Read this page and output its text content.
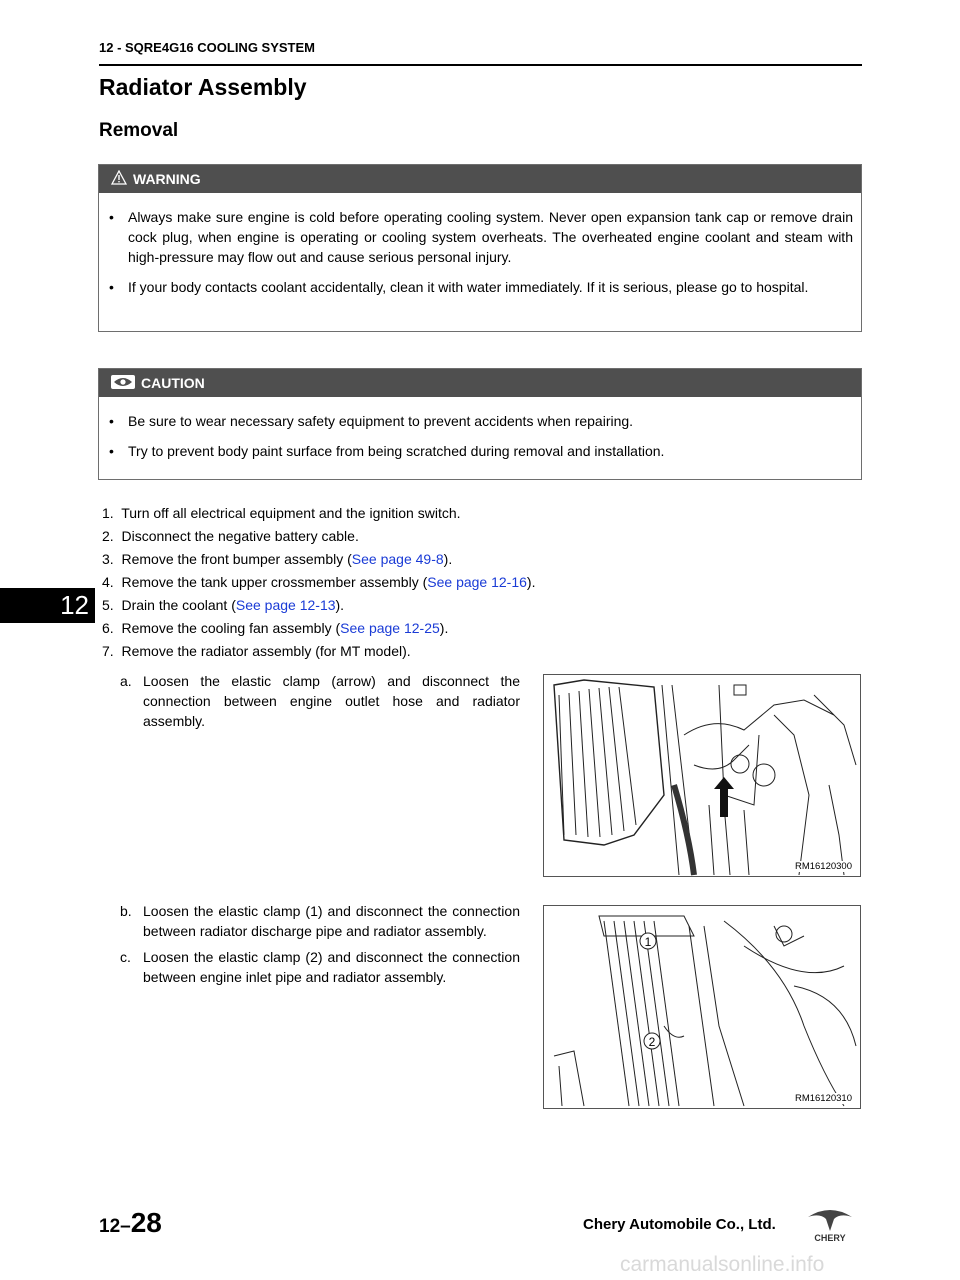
12 - SQRE4G16 COOLING SYSTEM
Radiator Assembly
Removal
WARNING
• Always make sure engine is cold before operating cooling system. Never open expansion tank cap or remove drain cock plug, when engine is operating or cooling system overheats. The overheated engine coolant and steam with high-pressure may flow out and cause serious personal injury.
• If your body contacts coolant accidentally, clean it with water immediately. If it is serious, please go to hospital.
CAUTION
• Be sure to wear necessary safety equipment to prevent accidents when repairing.
• Try to prevent body paint surface from being scratched during removal and installation.
1. Turn off all electrical equipment and the ignition switch.
2. Disconnect the negative battery cable.
3. Remove the front bumper assembly (See page 49-8).
4. Remove the tank upper crossmember assembly (See page 12-16).
5. Drain the coolant (See page 12-13).
6. Remove the cooling fan assembly (See page 12-25).
7. Remove the radiator assembly (for MT model).
a. Loosen the elastic clamp (arrow) and disconnect the connection between engine outlet hose and radiator assembly.
b. Loosen the elastic clamp (1) and disconnect the connection between radiator discharge pipe and radiator assembly.
c. Loosen the elastic clamp (2) and disconnect the connection between engine inlet pipe and radiator assembly.
RM16120300
1
2
RM16120310
12
12–28	Chery Automobile Co., Ltd.
CHERY
carmanualsonline.info
